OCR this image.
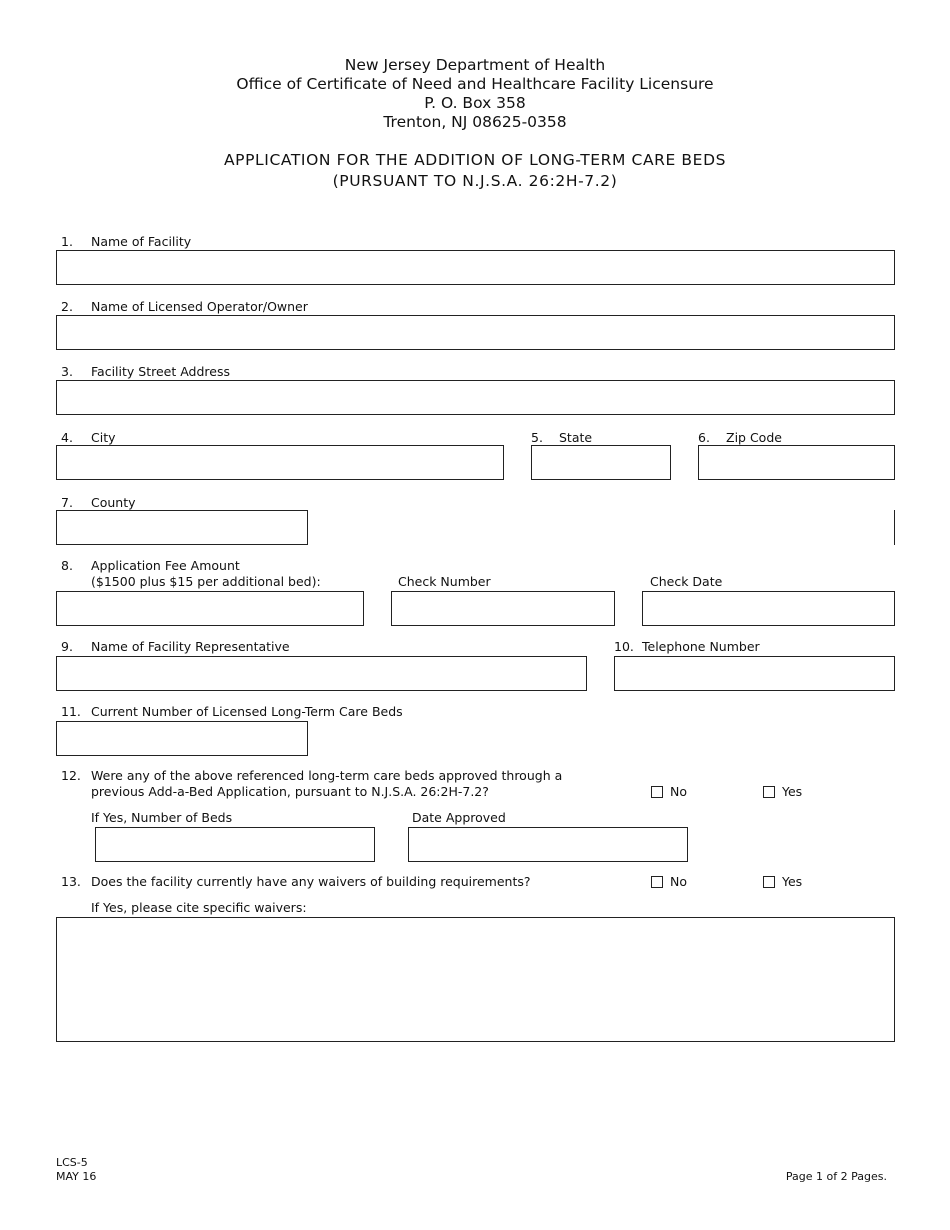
New Jersey Department of Health
Office of Certificate of Need and Healthcare Facility Licensure
P. O. Box 358
Trenton, NJ 08625-0358
APPLICATION FOR THE ADDITION OF LONG-TERM CARE BEDS
(PURSUANT TO N.J.S.A. 26:2H-7.2)
1. Name of Facility
2. Name of Licensed Operator/Owner
3. Facility Street Address
4. City	5. State	6. Zip Code
7. County
8. Application Fee Amount
($1500 plus $15 per additional bed):	Check Number	Check Date
9. Name of Facility Representative	10. Telephone Number
11. Current Number of Licensed Long-Term Care Beds
12. Were any of the above referenced long-term care beds approved through a
previous Add-a-Bed Application, pursuant to N.J.S.A. 26:2H-7.2?	No	Yes
If Yes, Number of Beds	Date Approved
13. Does the facility currently have any waivers of building requirements?	No	Yes
If Yes, please cite specific waivers:
LCS-5
MAY 16	Page 1 of 2 Pages.
